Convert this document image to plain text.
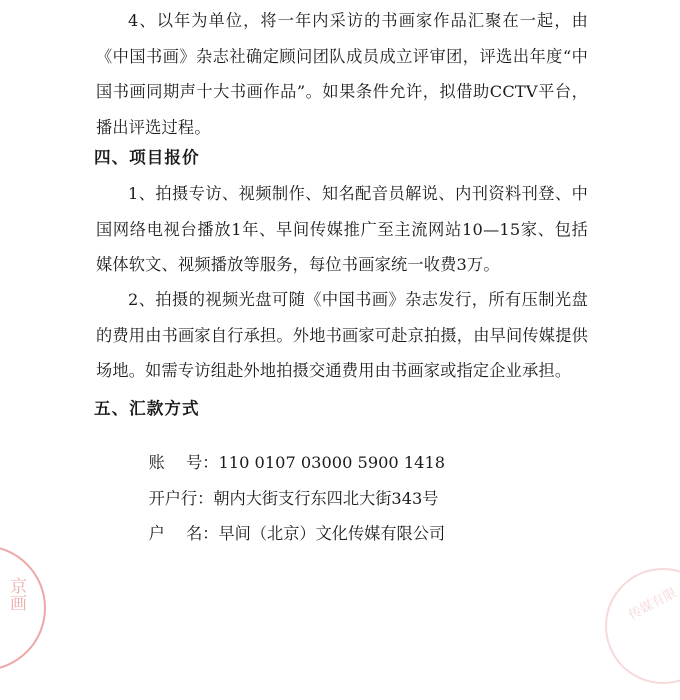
4、以年为单位，将一年内采访的书画家作品汇聚在一起，由《中国书画》杂志社确定顾问团队成员成立评审团，评选出年度“中国书画同期声十大书画作品”。如果条件允许，拟借助CCTV平台，播出评选过程。

四、项目报价

1、拍摄专访、视频制作、知名配音员解说、内刊资料刊登、中国网络电视台播放1年、早间传媒推广至主流网站10—15家、包括媒体软文、视频播放等服务，每位书画家统一收费3万。

2、拍摄的视频光盘可随《中国书画》杂志发行，所有压制光盘的费用由书画家自行承担。外地书画家可赴京拍摄，由早间传媒提供场地。如需专访组赴外地拍摄交通费用由书画家或指定企业承担。

五、汇款方式

账　 号：110 0107 03000 5900 1418

开户行：朝内大街支行东四北大街343号

户　 名：早间（北京）文化传媒有限公司

京画	传媒有限
